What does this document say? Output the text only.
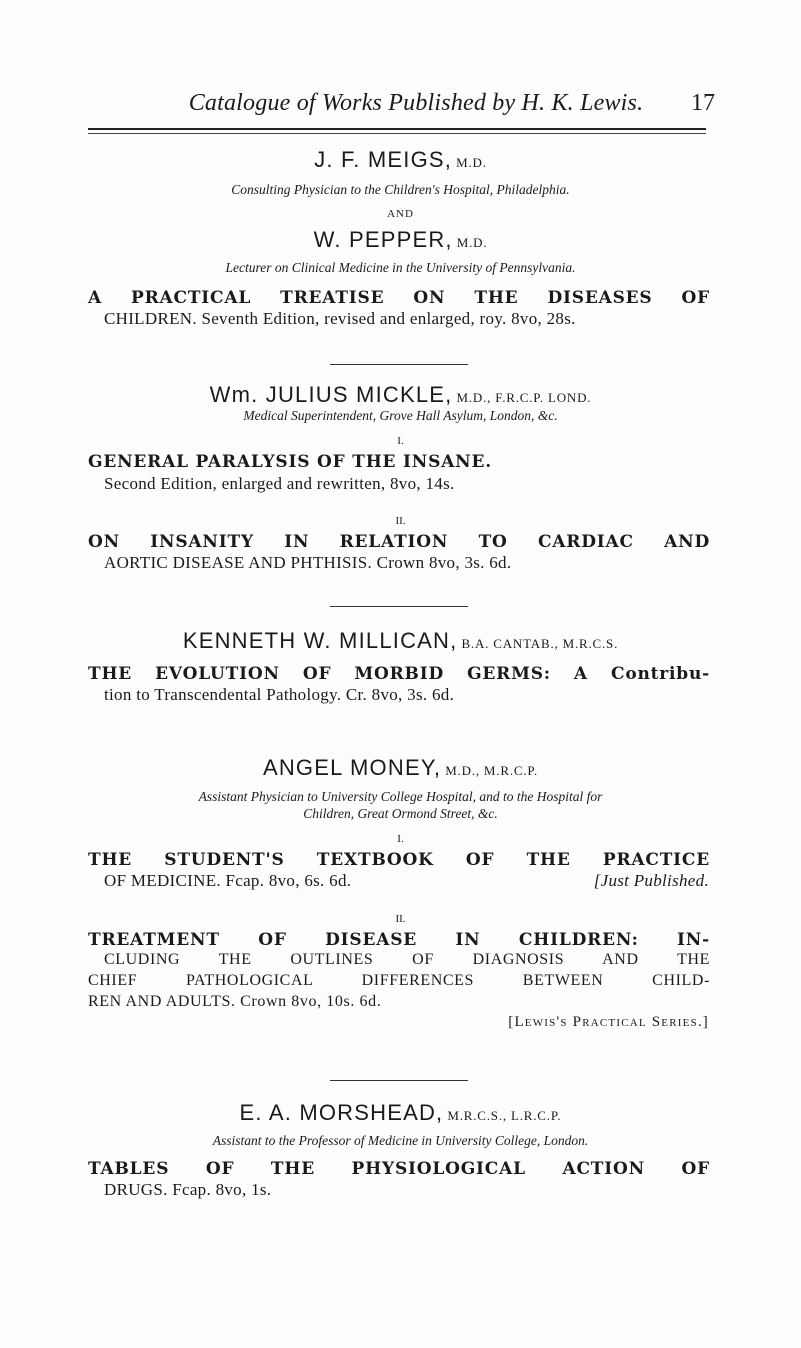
Catalogue of Works Published by H. K. Lewis.	17
J. F. MEIGS, M.D.
Consulting Physician to the Children's Hospital, Philadelphia.
AND
W. PEPPER, M.D.
Lecturer on Clinical Medicine in the University of Pennsylvania.
A PRACTICAL TREATISE ON THE DISEASES OF
CHILDREN. Seventh Edition, revised and enlarged, roy. 8vo, 28s.
Wm. JULIUS MICKLE, M.D., F.R.C.P. LOND.
Medical Superintendent, Grove Hall Asylum, London, &c.
I.
GENERAL PARALYSIS OF THE INSANE.
Second Edition, enlarged and rewritten, 8vo, 14s.
II.
ON INSANITY IN RELATION TO CARDIAC AND
AORTIC DISEASE AND PHTHISIS. Crown 8vo, 3s. 6d.
KENNETH W. MILLICAN, B.A. CANTAB., M.R.C.S.
THE EVOLUTION OF MORBID GERMS: A Contribu-
tion to Transcendental Pathology. Cr. 8vo, 3s. 6d.
ANGEL MONEY, M.D., M.R.C.P.
Assistant Physician to University College Hospital, and to the Hospital for
Children, Great Ormond Street, &c.
I.
THE STUDENT'S TEXTBOOK OF THE PRACTICE
OF MEDICINE. Fcap. 8vo, 6s. 6d.	[Just Published.
II.
TREATMENT OF DISEASE IN CHILDREN: IN-
CLUDING THE OUTLINES OF DIAGNOSIS AND THE
CHIEF PATHOLOGICAL DIFFERENCES BETWEEN CHILD-
REN AND ADULTS. Crown 8vo, 10s. 6d.
[Lewis's Practical Series.]
E. A. MORSHEAD, M.R.C.S., L.R.C.P.
Assistant to the Professor of Medicine in University College, London.
TABLES OF THE PHYSIOLOGICAL ACTION OF
DRUGS. Fcap. 8vo, 1s.
